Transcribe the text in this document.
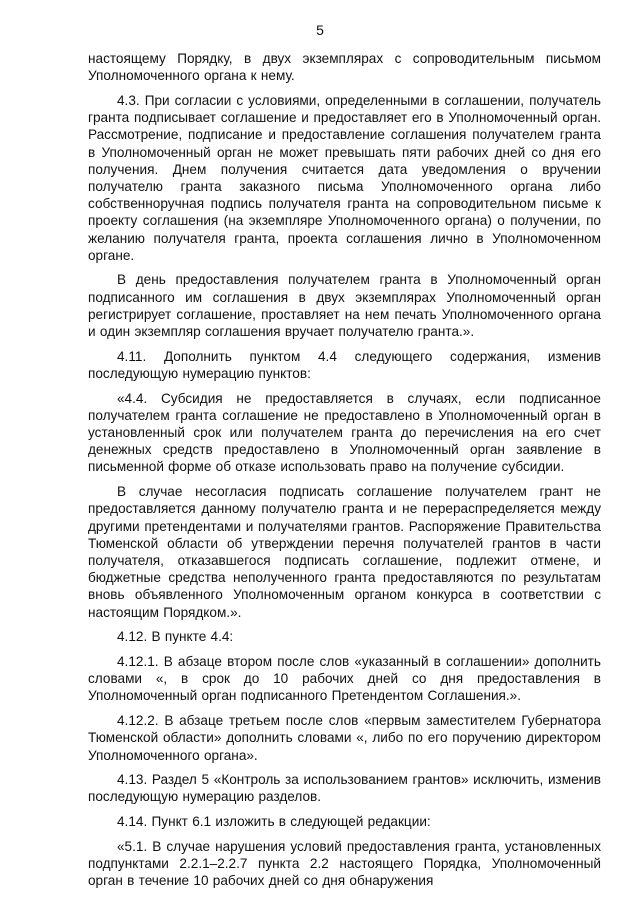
5

настоящему Порядку, в двух экземплярах с сопроводительным письмом Уполномоченного органа к нему.

4.3. При согласии с условиями, определенными в соглашении, получатель гранта подписывает соглашение и предоставляет его в Уполномоченный орган. Рассмотрение, подписание и предоставление соглашения получателем гранта в Уполномоченный орган не может превышать пяти рабочих дней со дня его получения. Днем получения считается дата уведомления о вручении получателю гранта заказного письма Уполномоченного органа либо собственноручная подпись получателя гранта на сопроводительном письме к проекту соглашения (на экземпляре Уполномоченного органа) о получении, по желанию получателя гранта, проекта соглашения лично в Уполномоченном органе.

В день предоставления получателем гранта в Уполномоченный орган подписанного им соглашения в двух экземплярах Уполномоченный орган регистрирует соглашение, проставляет на нем печать Уполномоченного органа и один экземпляр соглашения вручает получателю гранта.».

4.11. Дополнить пунктом 4.4 следующего содержания, изменив последующую нумерацию пунктов:

«4.4. Субсидия не предоставляется в случаях, если подписанное получателем гранта соглашение не предоставлено в Уполномоченный орган в установленный срок или получателем гранта до перечисления на его счет денежных средств предоставлено в Уполномоченный орган заявление в письменной форме об отказе использовать право на получение субсидии.

В случае несогласия подписать соглашение получателем грант не предоставляется данному получателю гранта и не перераспределяется между другими претендентами и получателями грантов. Распоряжение Правительства Тюменской области об утверждении перечня получателей грантов в части получателя, отказавшегося подписать соглашение, подлежит отмене, и бюджетные средства неполученного гранта предоставляются по результатам вновь объявленного Уполномоченным органом конкурса в соответствии с настоящим Порядком.».

4.12. В пункте 4.4:

4.12.1. В абзаце втором после слов «указанный в соглашении» дополнить словами «, в срок до 10 рабочих дней со дня предоставления в Уполномоченный орган подписанного Претендентом Соглашения.».

4.12.2. В абзаце третьем после слов «первым заместителем Губернатора Тюменской области» дополнить словами «, либо по его поручению директором Уполномоченного органа».

4.13. Раздел 5 «Контроль за использованием грантов» исключить, изменив последующую нумерацию разделов.

4.14. Пункт 6.1 изложить в следующей редакции:

«5.1. В случае нарушения условий предоставления гранта, установленных подпунктами 2.2.1–2.2.7 пункта 2.2 настоящего Порядка, Уполномоченный орган в течение 10 рабочих дней со дня обнаружения
